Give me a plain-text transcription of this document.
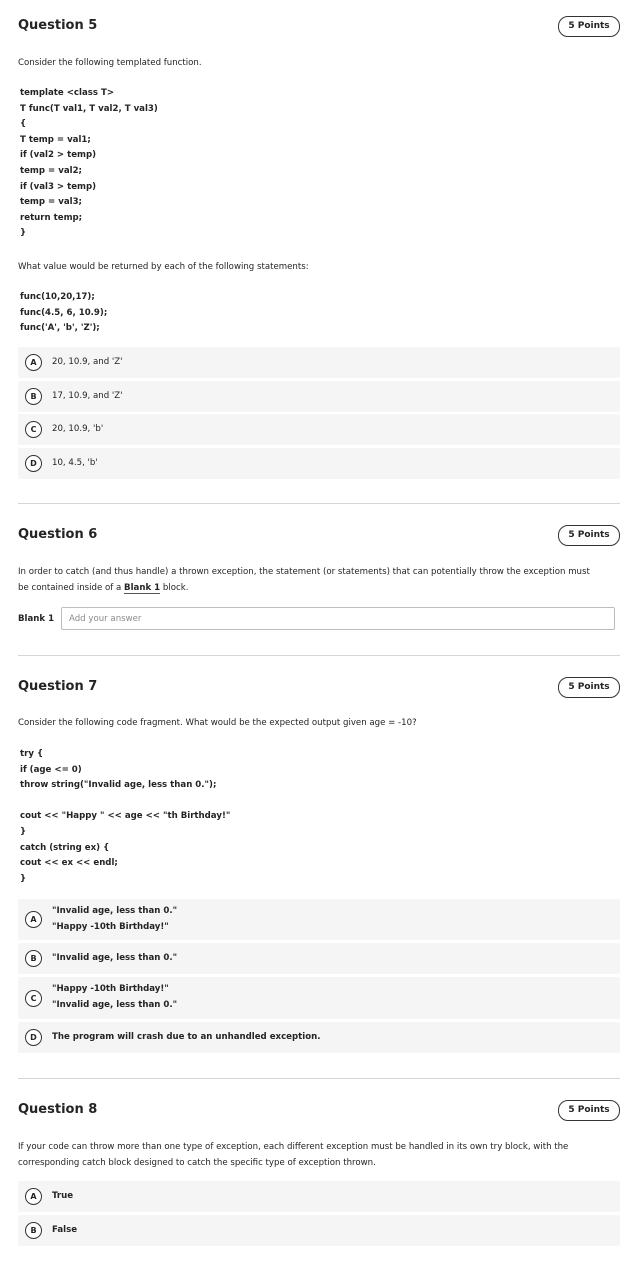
Question 5	5 Points
Consider the following templated function.
template <class T>
T func(T val1, T val2, T val3)
{
T temp = val1;
if (val2 > temp)
temp = val2;
if (val3 > temp)
temp = val3;
return temp;
}
What value would be returned by each of the following statements:
func(10,20,17);
func(4.5, 6, 10.9);
func('A', 'b', 'Z');
A	20, 10.9, and 'Z'
B	17, 10.9, and 'Z'
C	20, 10.9, 'b'
D	10, 4.5, 'b'
Question 6	5 Points
In order to catch (and thus handle) a thrown exception, the statement (or statements) that can potentially throw the exception must
be contained inside of a Blank 1 block.
Blank 1
Add your answer
Question 7	5 Points
Consider the following code fragment. What would be the expected output given age = -10?
try {
if (age <= 0)
throw string("Invalid age, less than 0.");
cout << "Happy " << age << "th Birthday!"
}
catch (string ex) {
cout << ex << endl;
}
A
"Invalid age, less than 0."
"Happy -10th Birthday!"
B	"Invalid age, less than 0."
C
"Happy -10th Birthday!"
"Invalid age, less than 0."
D	The program will crash due to an unhandled exception.
Question 8	5 Points
If your code can throw more than one type of exception, each different exception must be handled in its own try block, with the
corresponding catch block designed to catch the specific type of exception thrown.
A	True
B	False
